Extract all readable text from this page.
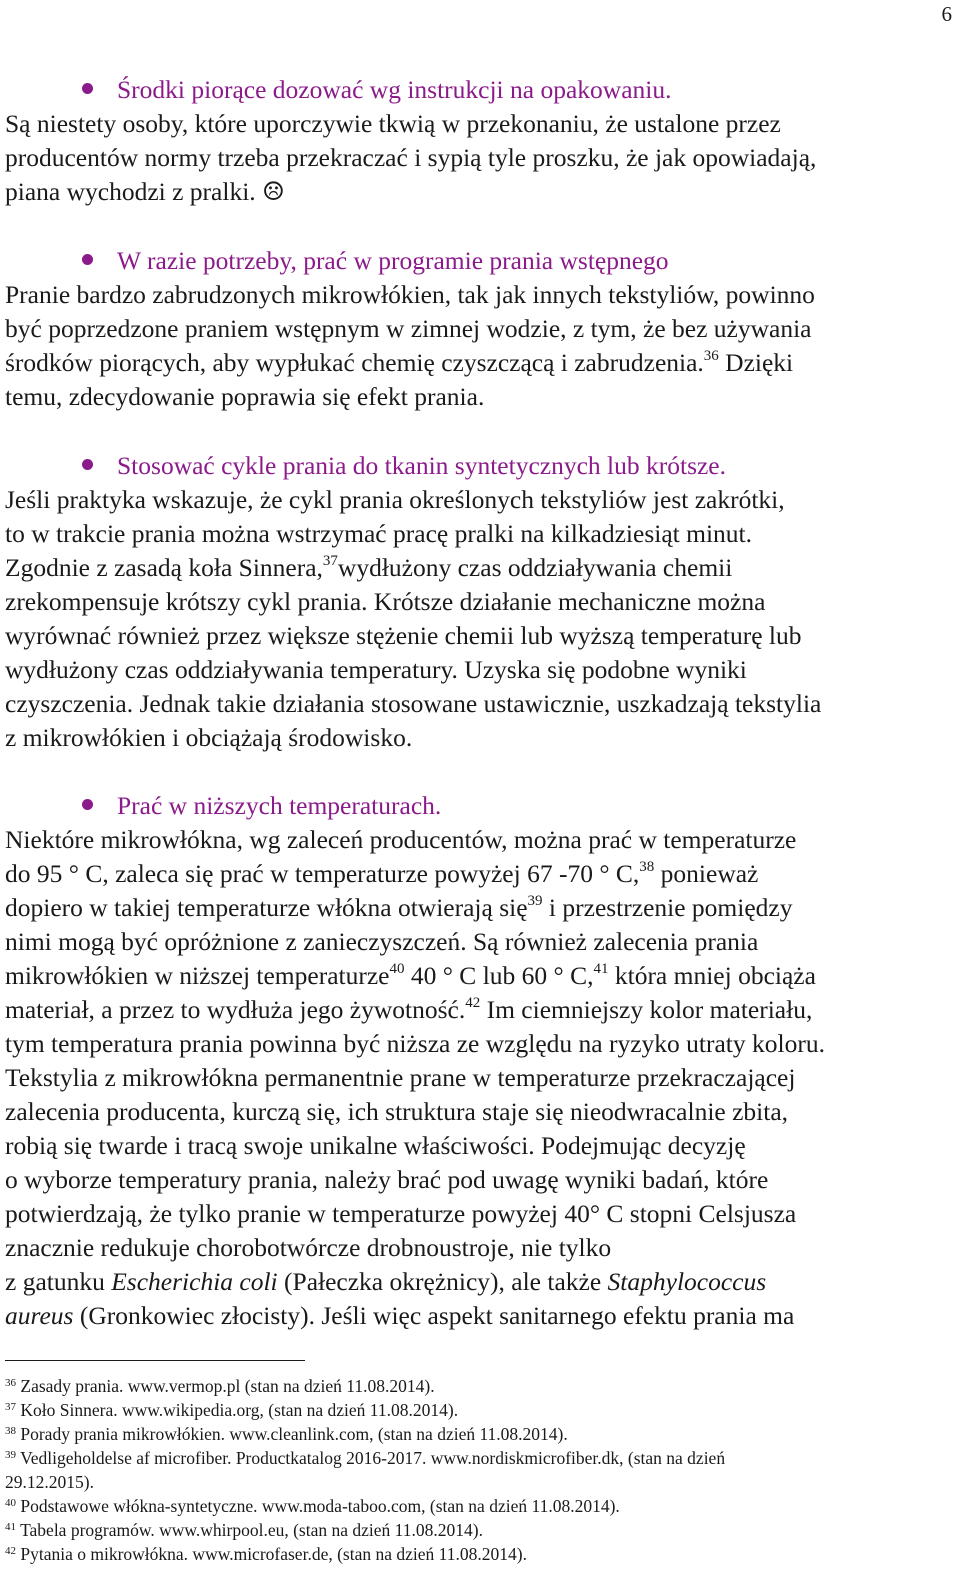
6
Środki piorące dozować wg instrukcji na opakowaniu.
Są niestety osoby, które uporczywie tkwią w przekonaniu, że ustalone przez
producentów normy trzeba przekraczać i sypią tyle proszku, że jak opowiadają,
piana wychodzi z pralki. ☹
W razie potrzeby, prać w programie prania wstępnego
Pranie bardzo zabrudzonych mikrowłókien, tak jak innych tekstyliów, powinno
być poprzedzone praniem wstępnym w zimnej wodzie, z tym, że bez używania
środków piorących, aby wypłukać chemię czyszczącą i zabrudzenia.$^{36}$ Dzięki
temu, zdecydowanie poprawia się efekt prania.
Stosować cykle prania do tkanin syntetycznych lub krótsze.
Jeśli praktyka wskazuje, że cykl prania określonych tekstyliów jest zakrótki,
to w trakcie prania można wstrzymać pracę pralki na kilkadziesiąt minut.
Zgodnie z zasadą koła Sinnera,$^{37}$wydłużony czas oddziaływania chemii
zrekompensuje krótszy cykl prania. Krótsze działanie mechaniczne można
wyrównać również przez większe stężenie chemii lub wyższą temperaturę lub
wydłużony czas oddziaływania temperatury. Uzyska się podobne wyniki
czyszczenia. Jednak takie działania stosowane ustawicznie, uszkadzają tekstylia
z mikrowłókien i obciążają środowisko.
Prać w niższych temperaturach.
Niektóre mikrowłókna, wg zaleceń producentów, można prać w temperaturze
do 95 ° C, zaleca się prać w temperaturze powyżej 67 -70 ° C,$^{38}$ ponieważ
dopiero w takiej temperaturze włókna otwierają się$^{39}$ i przestrzenie pomiędzy
nimi mogą być opróżnione z zanieczyszczeń. Są również zalecenia prania
mikrowłókien w niższej temperaturze$^{40}$ 40 ° C lub 60 ° C,$^{41}$ która mniej obciąża
materiał, a przez to wydłuża jego żywotność.$^{42}$ Im ciemniejszy kolor materiału,
tym temperatura prania powinna być niższa ze względu na ryzyko utraty koloru.
Tekstylia z mikrowłókna permanentnie prane w temperaturze przekraczającej
zalecenia producenta, kurczą się, ich struktura staje się nieodwracalnie zbita,
robią się twarde i tracą swoje unikalne właściwości. Podejmując decyzję
o wyborze temperatury prania, należy brać pod uwagę wyniki badań, które
potwierdzają, że tylko pranie w temperaturze powyżej 40° C stopni Celsjusza
znacznie redukuje chorobotwórcze drobnoustroje, nie tylko
z gatunku Escherichia coli (Pałeczka okrężnicy), ale także Staphylococcus
aureus (Gronkowiec złocisty). Jeśli więc aspekt sanitarnego efektu prania ma
$^{36}$ Zasady prania. www.vermop.pl (stan na dzień 11.08.2014).
$^{37}$ Koło Sinnera. www.wikipedia.org, (stan na dzień 11.08.2014).
$^{38}$ Porady prania mikrowłókien. www.cleanlink.com, (stan na dzień 11.08.2014).
$^{39}$ Vedligeholdelse af microfiber. Productkatalog 2016-2017. www.nordiskmicrofiber.dk, (stan na dzień
29.12.2015).
$^{40}$ Podstawowe włókna-syntetyczne. www.moda-taboo.com, (stan na dzień 11.08.2014).
$^{41}$ Tabela programów. www.whirpool.eu, (stan na dzień 11.08.2014).
$^{42}$ Pytania o mikrowłókna. www.microfaser.de, (stan na dzień 11.08.2014).
